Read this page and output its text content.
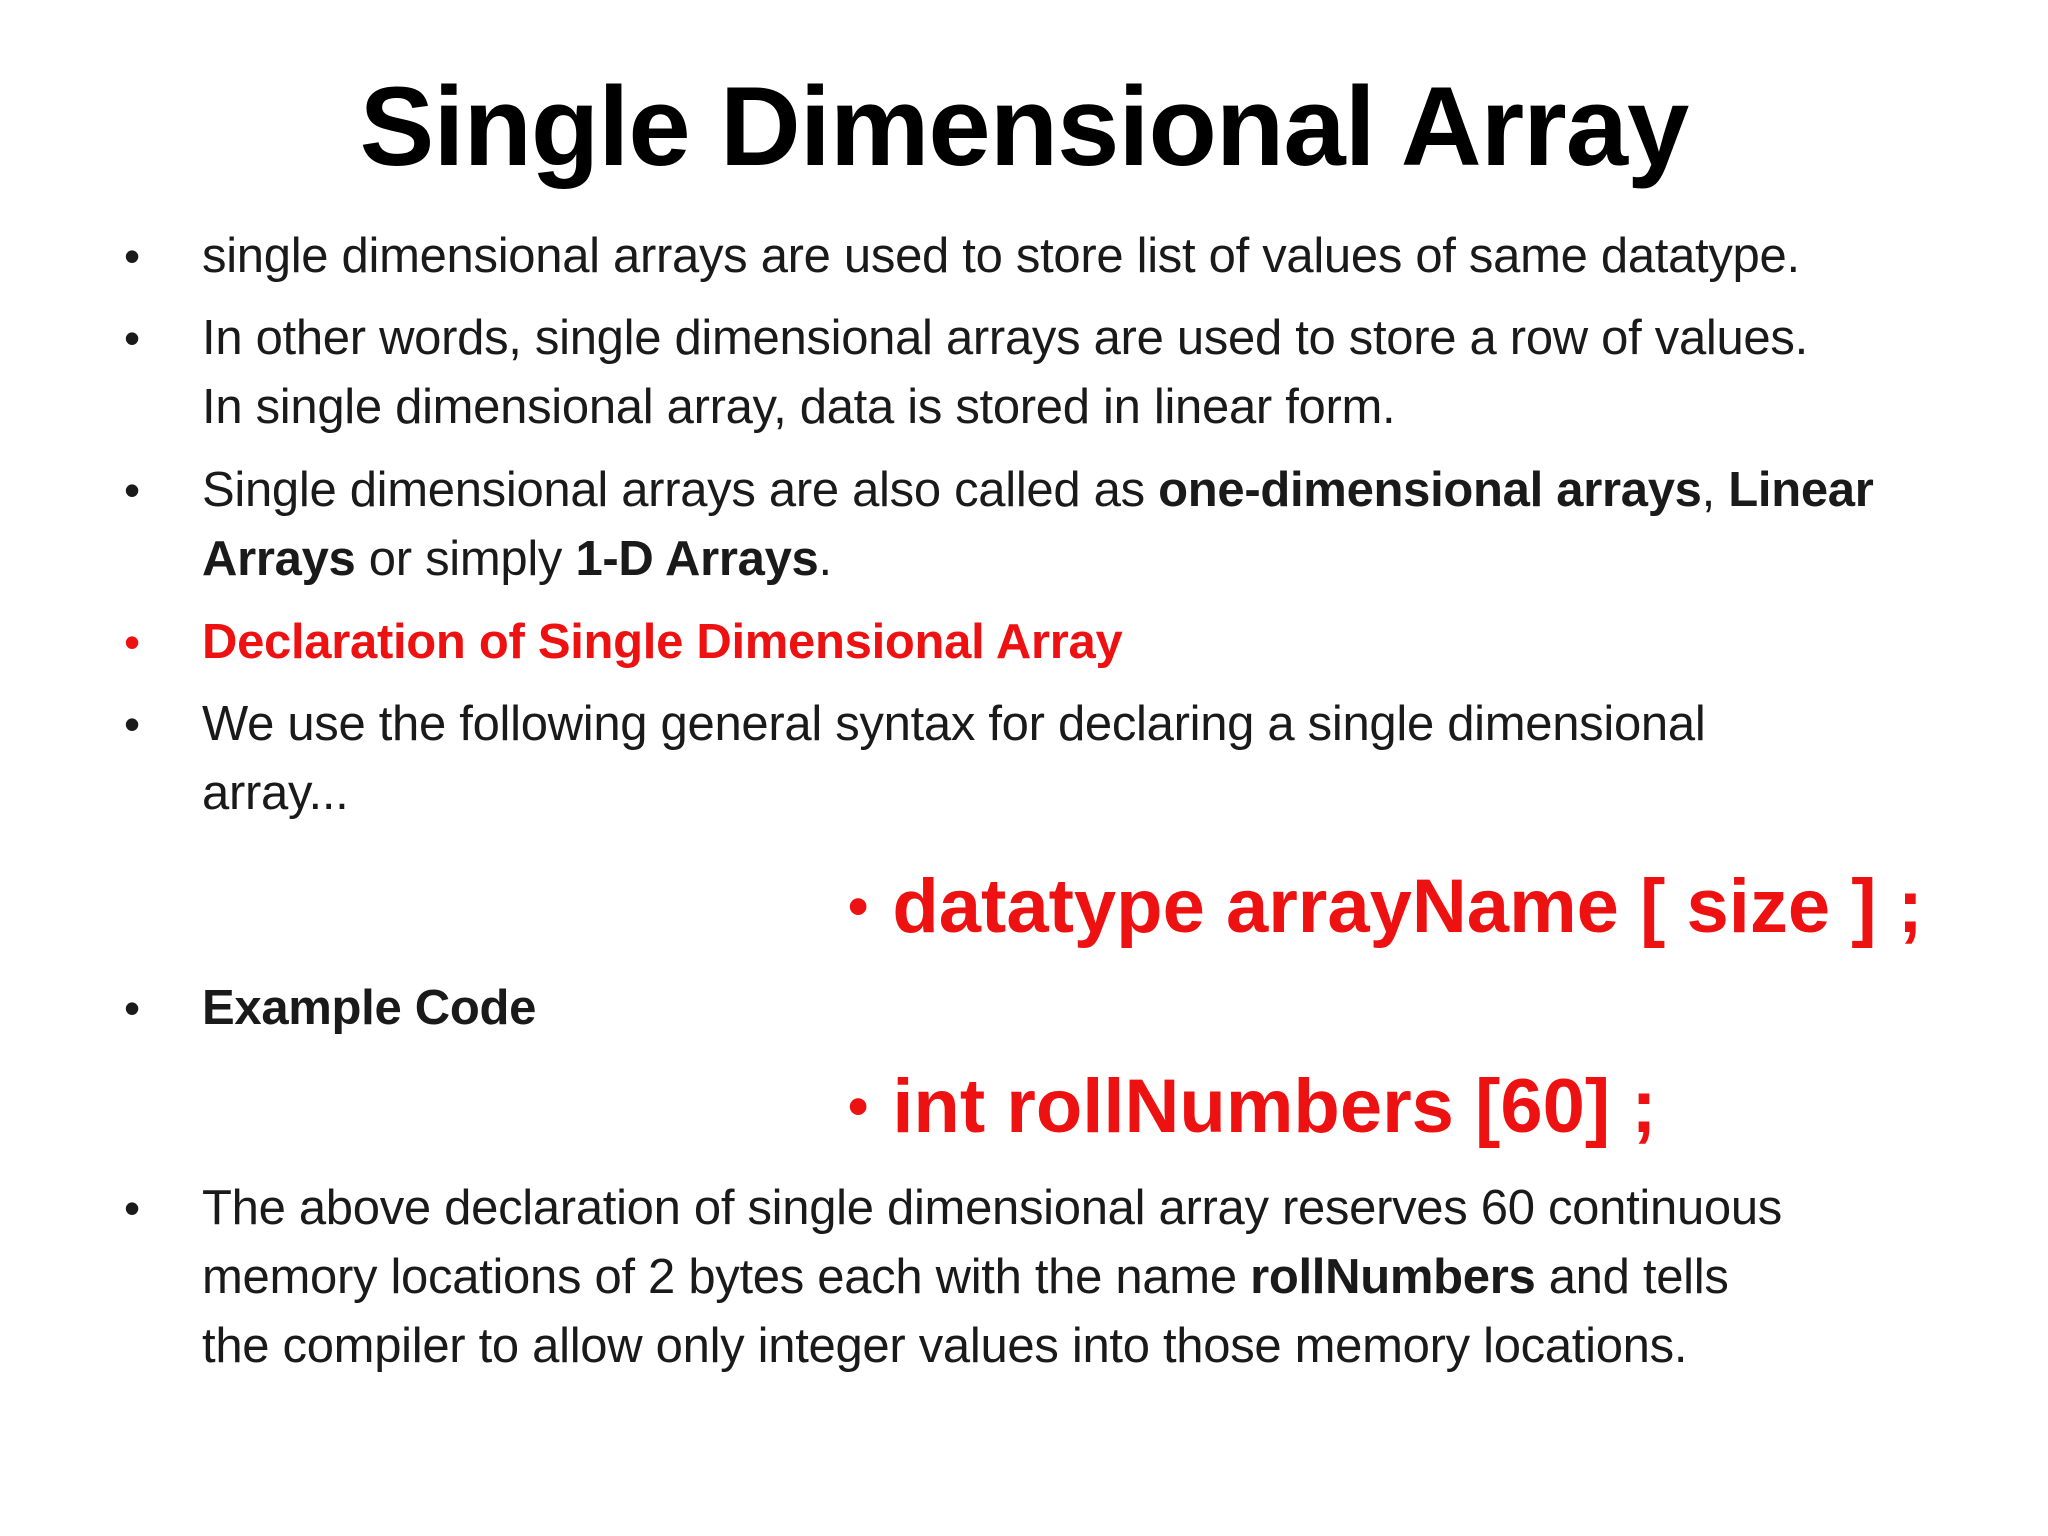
Single Dimensional Array
• single dimensional arrays are used to store list of values of same datatype.
• In other words, single dimensional arrays are used to store a row of values.
In single dimensional array, data is stored in linear form.
• Single dimensional arrays are also called as one-dimensional arrays, Linear
Arrays or simply 1-D Arrays.
• Declaration of Single Dimensional Array
• We use the following general syntax for declaring a single dimensional
array...
• datatype arrayName [ size ] ;
• Example Code
• int rollNumbers [60] ;
• The above declaration of single dimensional array reserves 60 continuous
memory locations of 2 bytes each with the name rollNumbers and tells
the compiler to allow only integer values into those memory locations.
